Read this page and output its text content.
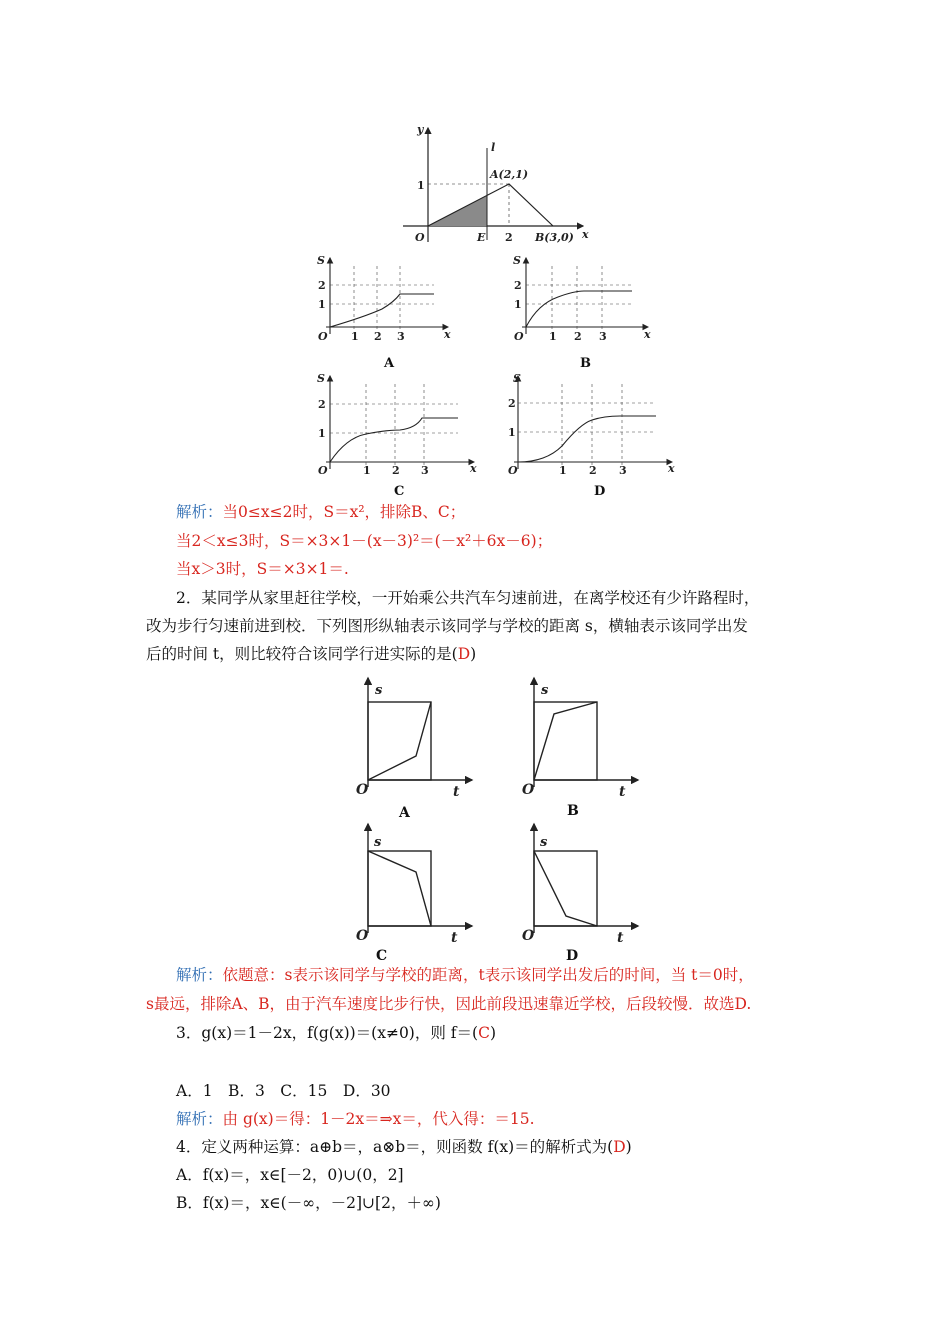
y
l
A(2,1)
1
O	E 2 B(3,0) x
S
2
1
O 1 2 3	x
A
S
2
1
O 1 2 3	x
B
S
2
1
O	1 2 3	x
C
S
2
1
O	1 2 3	x
D
解析：当0≤x≤2时，S＝x²，排除B、C；
当2＜x≤3时，S＝×3×1－(x－3)²＝(－x²＋6x－6)；
当x＞3时，S＝×3×1＝.
2．某同学从家里赶往学校，一开始乘公共汽车匀速前进，在离学校还有少许路程时，
改为步行匀速前进到校．下列图形纵轴表示该同学与学校的距离 s，横轴表示该同学出发
后的时间 t，则比较符合该同学行进实际的是(D)
s
O	t
A
s
O	t
B
s
O	t
C
s
O	t
D
解析：依题意：s表示该同学与学校的距离，t表示该同学出发后的时间，当 t＝0时，
s最远，排除A、B，由于汽车速度比步行快，因此前段迅速靠近学校，后段较慢．故选D.
3．g(x)＝1－2x，f(g(x))＝(x≠0)，则 f＝(C)
A．1　B．3　C．15　D．30
解析：由 g(x)＝得：1－2x＝⇒x＝，代入得：＝15.
4．定义两种运算：a⊕b＝，a⊗b＝，则函数 f(x)＝的解析式为(D)
A．f(x)＝，x∈[－2，0)∪(0，2]
B．f(x)＝，x∈(－∞，－2]∪[2，＋∞)
